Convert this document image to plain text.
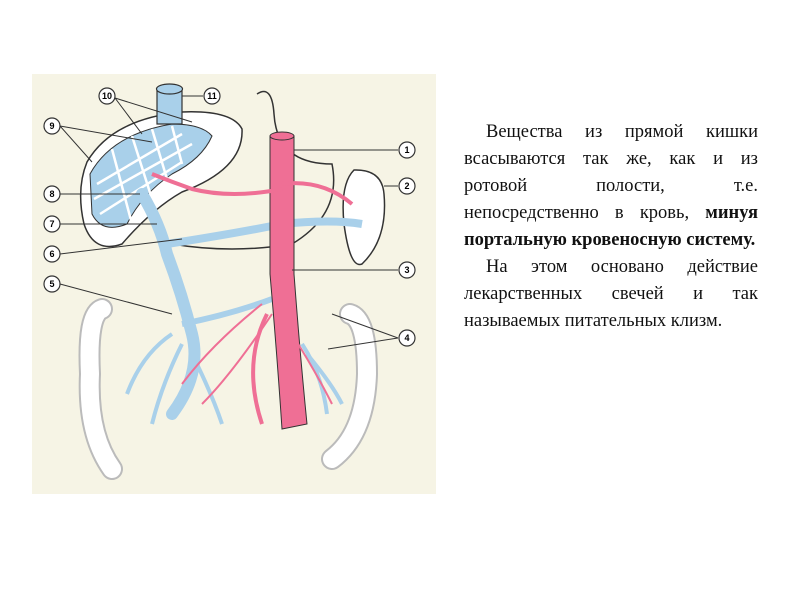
1
2
3
4
5
6
7
8
9
10	11

Вещества из прямой кишки всасываются так же, как и из ротовой полости, т.е. непосредственно в кровь, минуя портальную кровеносную систему.

На этом основано действие лекарственных свечей и так называемых питательных клизм.
